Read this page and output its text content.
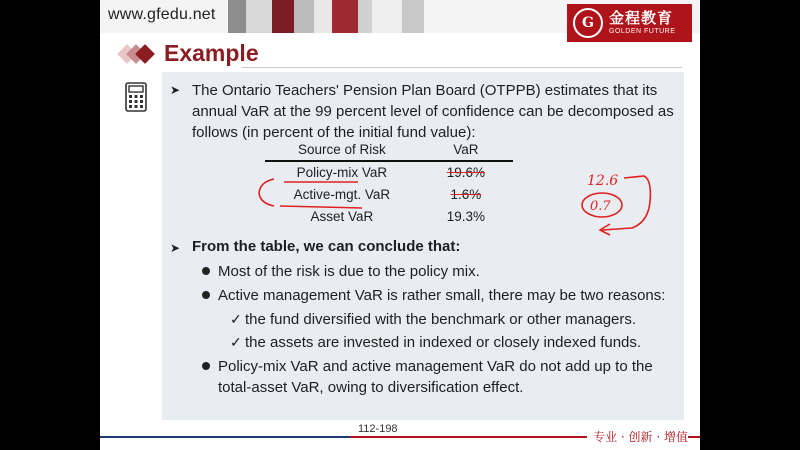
www.gfedu.net	G	金程教育
GOLDEN FUTURE
Example
➤ The Ontario Teachers' Pension Plan Board (OTPPB) estimates that its annual VaR at the 99 percent level of confidence can be decomposed as follows (in percent of the initial fund value):
Source of Risk	VaR
Policy-mix VaR	19.6%
Active-mgt. VaR	1.6%
Asset VaR	19.3%
12.6
0.7
➤ From the table, we can conclude that:
Most of the risk is due to the policy mix.
Active management VaR is rather small, there may be two reasons:
✓ the fund diversified with the benchmark or other managers.
✓ the assets are invested in indexed or closely indexed funds.
Policy-mix VaR and active management VaR do not add up to the
total-asset VaR, owing to diversification effect.
112-198
专业 · 创新 · 增值
